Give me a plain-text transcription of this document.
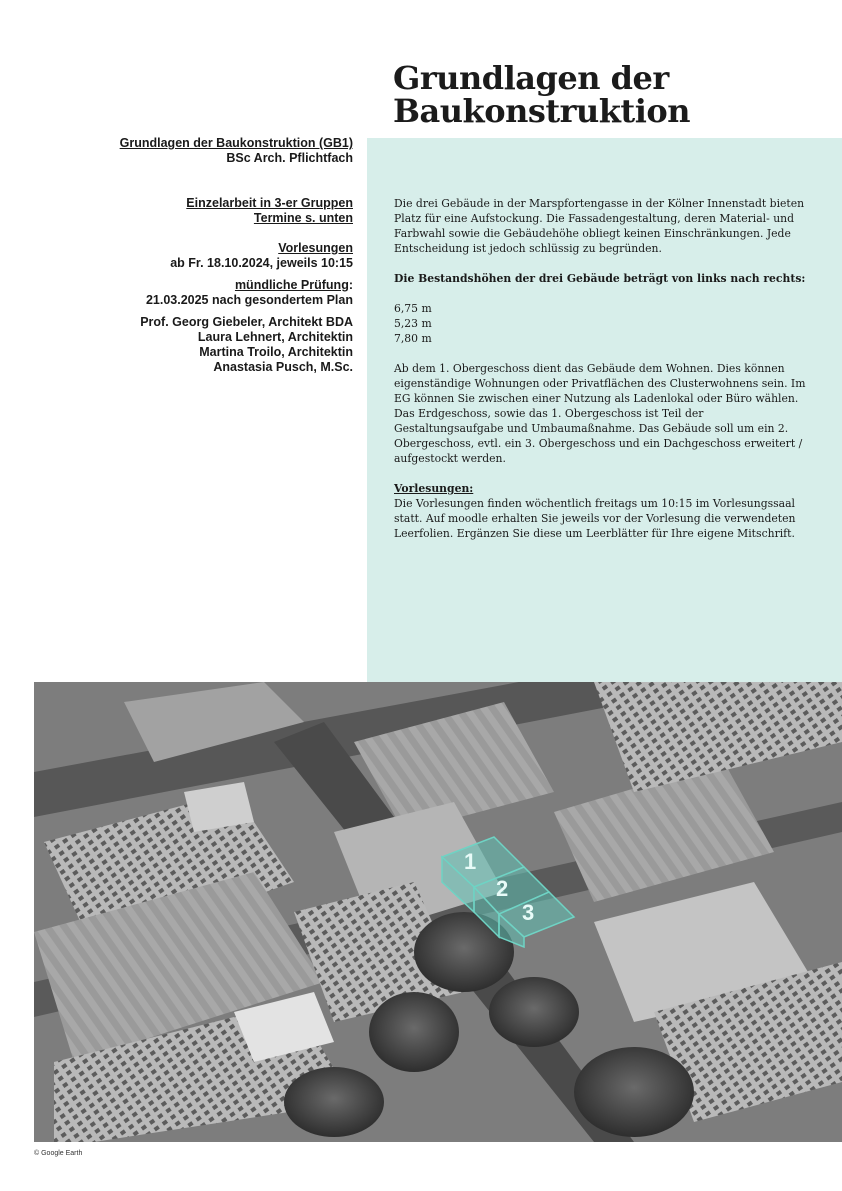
Grundlagen der
Baukonstruktion
Grundlagen der Baukonstruktion (GB1)
BSc Arch. Pflichtfach
Einzelarbeit in 3-er Gruppen
Termine s. unten
Vorlesungen
ab Fr. 18.10.2024, jeweils 10:15
mündliche Prüfung:
21.03.2025 nach gesondertem Plan
Prof. Georg Giebeler, Architekt BDA
Laura Lehnert, Architektin
Martina Troilo, Architektin
Anastasia Pusch, M.Sc.

Die drei Gebäude in der Marspfortengasse in der Kölner Innenstadt bieten Platz für eine Aufstockung. Die Fassadengestaltung, deren Material- und Farbwahl sowie die Gebäudehöhe obliegt keinen Einschränkungen. Jede Entscheidung ist jedoch schlüssig zu begründen.

Die Bestandshöhen der drei Gebäude beträgt von links nach rechts:

6,75 m

5,23 m

7,80 m

Ab dem 1. Obergeschoss dient das Gebäude dem Wohnen. Dies können eigenständige Wohnungen oder Privatflächen des Clusterwohnens sein. Im EG können Sie zwischen einer Nutzung als Ladenlokal oder Büro wählen.

Das Erdgeschoss, sowie das 1. Obergeschoss ist Teil der Gestaltungsaufgabe und Umbaumaßnahme. Das Gebäude soll um ein 2. Obergeschoss, evtl. ein 3. Obergeschoss und ein Dachgeschoss erweitert / aufgestockt werden.

Vorlesungen:

Die Vorlesungen finden wöchentlich freitags um 10:15 im Vorlesungssaal statt. Auf moodle erhalten Sie jeweils vor der Vorlesung die verwendeten Leerfolien. Ergänzen Sie diese um Leerblätter für Ihre eigene Mitschrift.

1
2
3
© Google Earth
